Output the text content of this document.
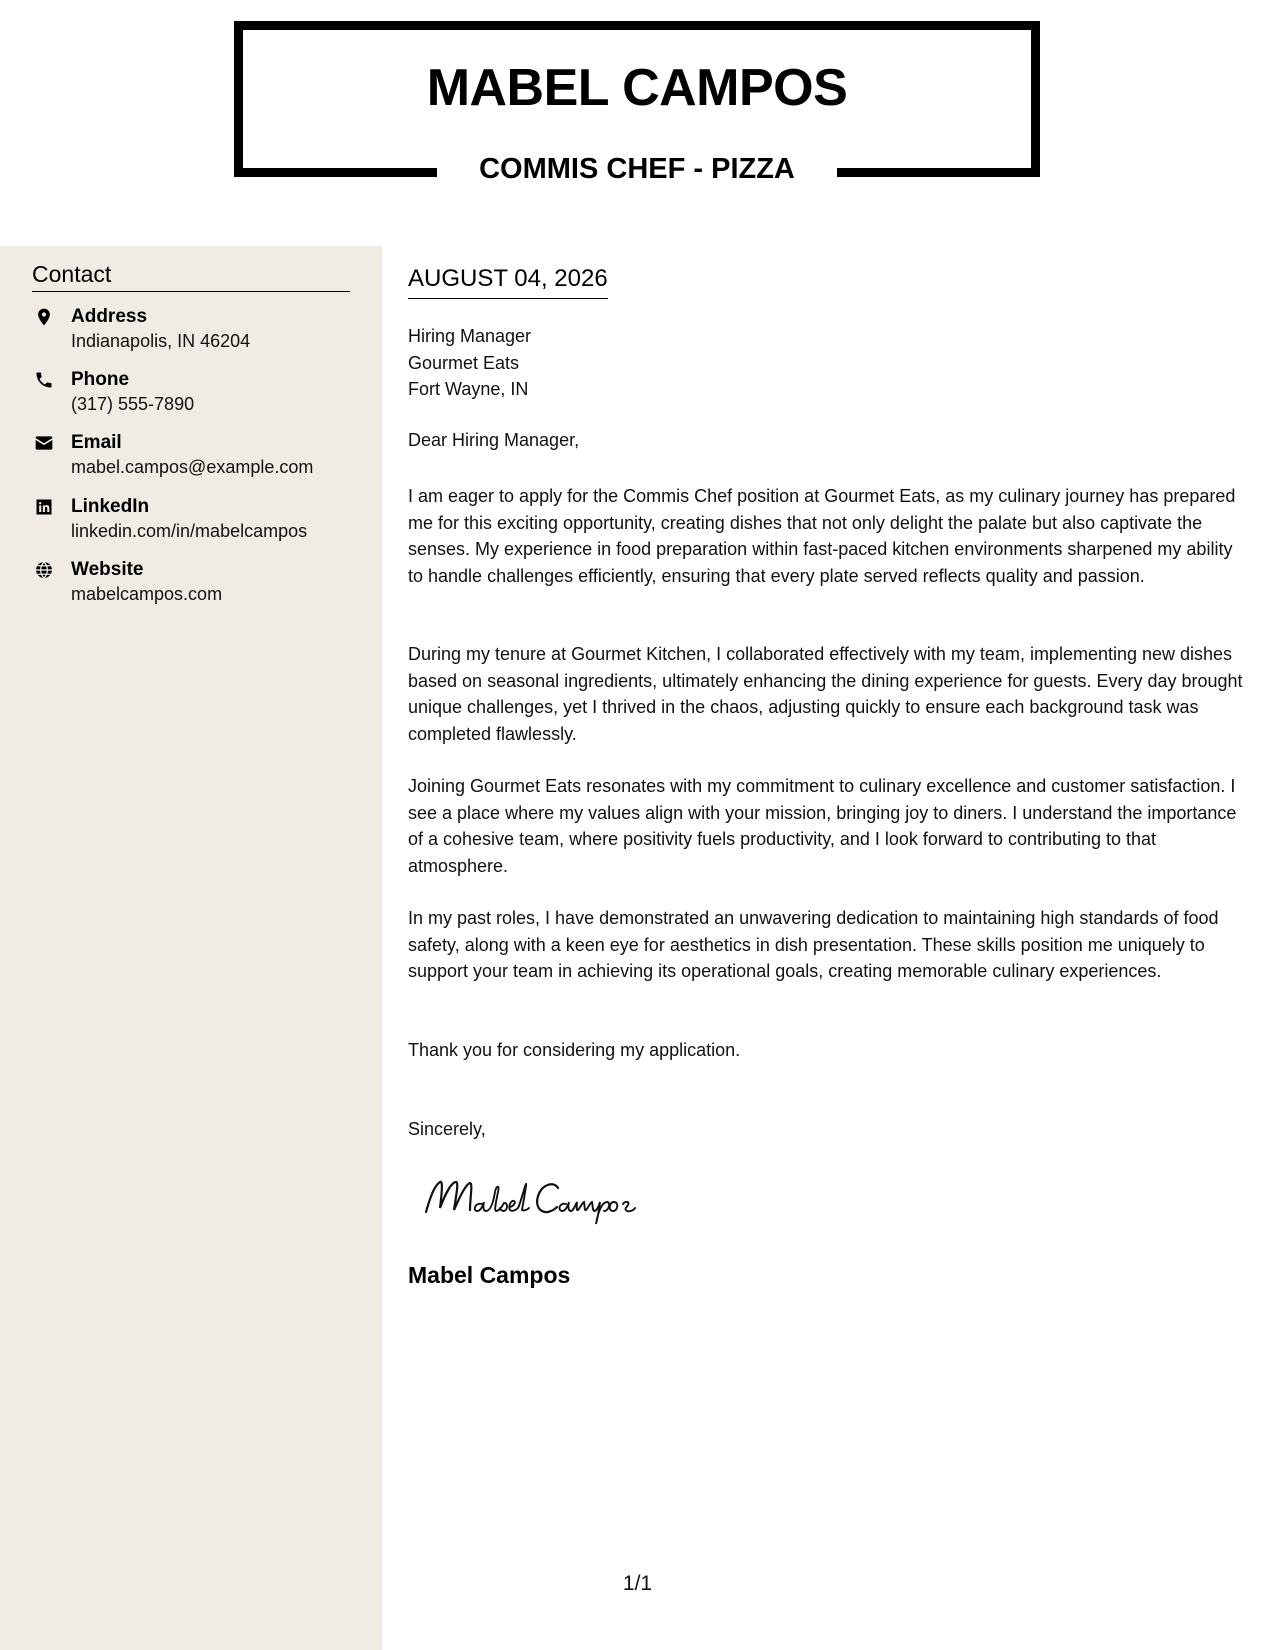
MABEL CAMPOS
COMMIS CHEF - PIZZA
Contact
Address
Indianapolis, IN 46204
Phone
(317) 555-7890
Email
mabel.campos@example.com
LinkedIn
linkedin.com/in/mabelcampos
Website
mabelcampos.com
AUGUST 04, 2026
Hiring Manager
Gourmet Eats
Fort Wayne, IN
Dear Hiring Manager,
I am eager to apply for the Commis Chef position at Gourmet Eats, as my culinary journey has prepared me for this exciting opportunity, creating dishes that not only delight the palate but also captivate the senses. My experience in food preparation within fast-paced kitchen environments sharpened my ability to handle challenges efficiently, ensuring that every plate served reflects quality and passion.
During my tenure at Gourmet Kitchen, I collaborated effectively with my team, implementing new dishes based on seasonal ingredients, ultimately enhancing the dining experience for guests. Every day brought unique challenges, yet I thrived in the chaos, adjusting quickly to ensure each background task was completed flawlessly.
Joining Gourmet Eats resonates with my commitment to culinary excellence and customer satisfaction. I see a place where my values align with your mission, bringing joy to diners. I understand the importance of a cohesive team, where positivity fuels productivity, and I look forward to contributing to that atmosphere.
In my past roles, I have demonstrated an unwavering dedication to maintaining high standards of food safety, along with a keen eye for aesthetics in dish presentation. These skills position me uniquely to support your team in achieving its operational goals, creating memorable culinary experiences.
Thank you for considering my application.
Sincerely,
Mabel Campos
1/1
